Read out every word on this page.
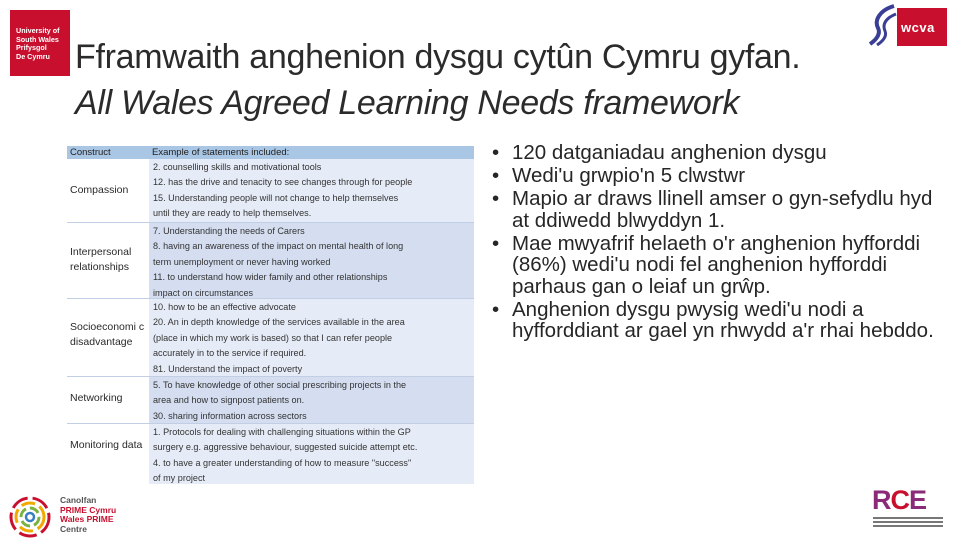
University of
South Wales
Prifysgol
De Cymru
wcva
Fframwaith anghenion dysgu cytûn Cymru gyfan.
All Wales Agreed Learning Needs framework
Construct	Example of statements included:
Compassion
2. counselling skills and motivational tools
12. has the drive and tenacity to see changes through for people
15. Understanding people will not change to help themselves
until they are ready to help themselves.
Interpersonal relationships
7. Understanding the needs of Carers
8. having an awareness of the impact on mental health of long
term unemployment or never having worked
11. to understand how wider family and other relationships
impact on circumstances
Socioeconomi c disadvantage
10. how to be an effective advocate
20. An in depth knowledge of the services available in the area
(place in which my work is based) so that I can refer people
accurately in to the service if required.
81. Understand the impact of poverty
Networking
5. To have knowledge of other social prescribing projects in the
area and how to signpost patients on.
30. sharing information across sectors
Monitoring data
1. Protocols for dealing with challenging situations within the GP
surgery e.g. aggressive behaviour, suggested suicide attempt etc.
4. to have a greater understanding of how to measure "success"
of my project
• 120 datganiadau anghenion dysgu
• Wedi'u grwpio'n 5 clwstwr
• Mapio ar draws llinell amser o gyn-sefydlu hyd at ddiwedd blwyddyn 1.
• Mae mwyafrif helaeth o'r anghenion hyfforddi (86%) wedi'u nodi fel anghenion hyfforddi parhaus gan o leiaf un grŵp.
• Anghenion dysgu pwysig wedi'u nodi a hyfforddiant ar gael yn rhwydd a'r rhai hebddo.
Canolfan
PRIME Cymru
Wales PRIME
Centre
RCE
